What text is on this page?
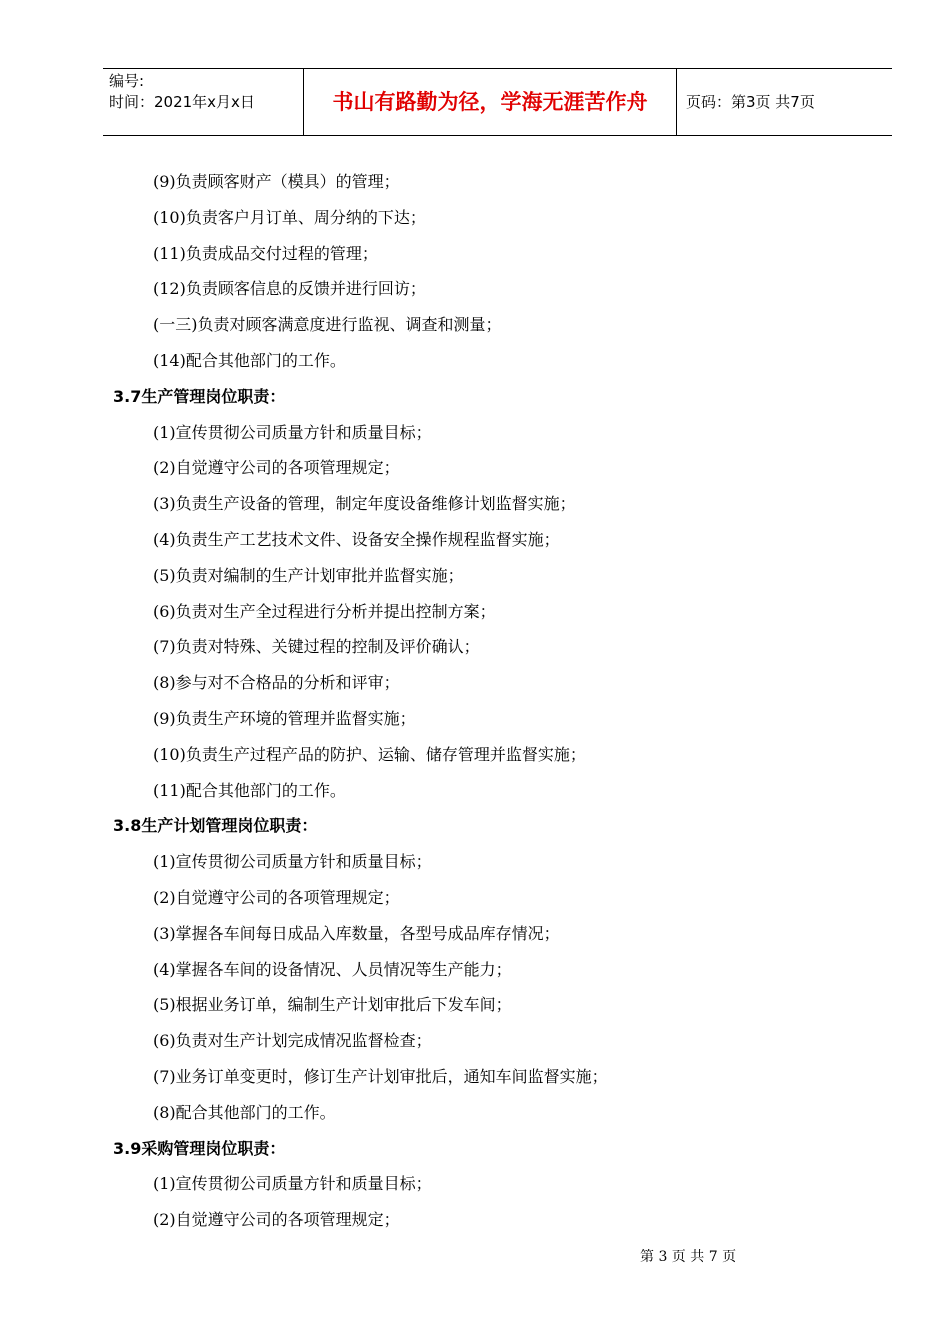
编号:
时间：2021年x月x日	书山有路勤为径，学海无涯苦作舟	页码：第3页 共7页
(9)负责顾客财产（模具）的管理；
(10)负责客户月订单、周分纳的下达；
(11)负责成品交付过程的管理；
(12)负责顾客信息的反馈并进行回访；
(一三)负责对顾客满意度进行监视、调查和测量；
(14)配合其他部门的工作。
3.7生产管理岗位职责：
(1)宣传贯彻公司质量方针和质量目标；
(2)自觉遵守公司的各项管理规定；
(3)负责生产设备的管理，制定年度设备维修计划监督实施；
(4)负责生产工艺技术文件、设备安全操作规程监督实施；
(5)负责对编制的生产计划审批并监督实施；
(6)负责对生产全过程进行分析并提出控制方案；
(7)负责对特殊、关键过程的控制及评价确认；
(8)参与对不合格品的分析和评审；
(9)负责生产环境的管理并监督实施；
(10)负责生产过程产品的防护、运输、储存管理并监督实施；
(11)配合其他部门的工作。
3.8生产计划管理岗位职责：
(1)宣传贯彻公司质量方针和质量目标；
(2)自觉遵守公司的各项管理规定；
(3)掌握各车间每日成品入库数量，各型号成品库存情况；
(4)掌握各车间的设备情况、人员情况等生产能力；
(5)根据业务订单，编制生产计划审批后下发车间；
(6)负责对生产计划完成情况监督检查；
(7)业务订单变更时，修订生产计划审批后，通知车间监督实施；
(8)配合其他部门的工作。
3.9采购管理岗位职责：
(1)宣传贯彻公司质量方针和质量目标；
(2)自觉遵守公司的各项管理规定；
第 3 页 共 7 页
